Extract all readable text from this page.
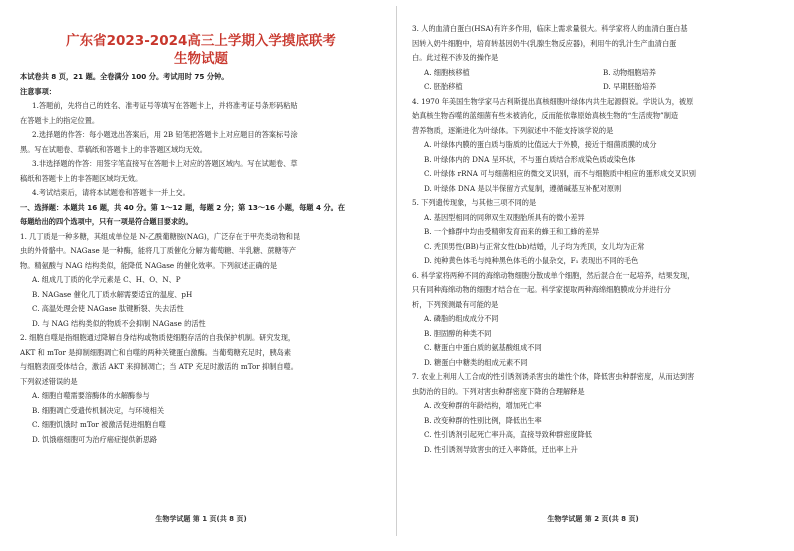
广东省2023-2024高三上学期入学摸底联考
生物试题
本试卷共 8 页，21 题。全卷满分 100 分。考试用时 75 分钟。
注意事项：
1.答题前，先将自己的姓名、准考证号等填写在答题卡上，并将准考证号条形码粘贴
在答题卡上的指定位置。
2.选择题的作答：每小题选出答案后，用 2B 铅笔把答题卡上对应题目的答案标号涂
黑。写在试题卷、草稿纸和答题卡上的非答题区域均无效。
3.非选择题的作答：用签字笔直接写在答题卡上对应的答题区域内。写在试题卷、草
稿纸和答题卡上的非答题区域均无效。
4.考试结束后，请将本试题卷和答题卡一并上交。
一、选择题：本题共 16 题，共 40 分。第 1～12 题，每题 2 分；第 13～16 小题，每题 4 分。在
每题给出的四个选项中，只有一项是符合题目要求的。
1. 几丁质是一种多糖，其组成单位是 N-乙酰葡糖胺(NAG)，广泛存在于甲壳类动物和昆
虫的外骨骼中。NAGase 是一种酶，能将几丁质催化分解为葡萄糖、半乳糖、蔗糖等产
物。精氨酸与 NAG 结构类似，能降低 NAGase 的催化效率。下列叙述正确的是
A. 组成几丁质的化学元素是 C、H、O、N、P
B. NAGase 催化几丁质水解需要适宜的温度、pH
C. 高温处理会使 NAGase 肽键断裂、失去活性
D. 与 NAG 结构类似的物质不会抑制 NAGase 的活性
2. 细胞自噬是指细胞通过降解自身结构或物质使细胞存活的自我保护机制。研究发现，
AKT 和 mTor 是抑制细胞凋亡和自噬的两种关键蛋白激酶。当葡萄糖充足时，胰岛素
与细胞表面受体结合，激活 AKT 来抑制凋亡；当 ATP 充足时激活的 mTor 抑制自噬。
下列叙述错误的是
A. 细胞自噬需要溶酶体的水解酶参与
B. 细胞凋亡受遗传机制决定，与环境相关
C. 细胞饥饿时 mTor 被激活促进细胞自噬
D. 饥饿癌细胞可为治疗癌症提供新思路
生物学试题 第 1 页(共 8 页)
3. 人的血清白蛋白(HSA)有许多作用，临床上需求量很大。科学家将人的血清白蛋白基
因转入奶牛细胞中，培育转基因奶牛(乳腺生物反应器)，利用牛的乳汁生产血清白蛋
白。此过程不涉及的操作是
A. 细胞核移植	B. 动物细胞培养
C. 胚胎移植	D. 早期胚胎培养
4. 1970 年美国生物学家马古利斯提出真核细胞叶绿体内共生起源假说。学说认为，被原
始真核生物吞噬的蓝细菌有些未被消化，反而能依靠原始真核生物的“生活废物”制造
营养物质，逐渐进化为叶绿体。下列叙述中不能支持该学说的是
A. 叶绿体内膜的蛋白质与脂质的比值远大于外膜，接近于细菌质膜的成分
B. 叶绿体内的 DNA 呈环状，不与蛋白质结合形成染色质或染色体
C. 叶绿体 rRNA 可与细菌相应的微交叉识别，而不与细胞质中相应的蛋形成交叉识别
D. 叶绿体 DNA 是以半保留方式复制，遵循碱基互补配对原则
5. 下列遗传现象，与其他三项不同的是
A. 基因型相同的同卵双生双胞胎所具有的微小差异
B. 一个蜂群中均由受精卵发育而来的蜂王和工蜂的差异
C. 秃顶男性(BB)与正常女性(bb)结婚，儿子均为秃顶，女儿均为正常
D. 纯种黄色体毛与纯种黑色体毛的小鼠杂交，F₁ 表现出不同的毛色
6. 科学家将两种不同的海绵动物细胞分散成单个细胞，然后混合在一起培养，结果发现，
只有同种海绵动物的细胞才结合在一起。科学家提取两种海绵细胞膜成分并进行分
析，下列预测最有可能的是
A. 磷脂的组成成分不同
B. 胆固醇的种类不同
C. 糖蛋白中蛋白质的氨基酸组成不同
D. 糖蛋白中糖类的组成元素不同
7. 农业上利用人工合成的性引诱剂诱杀害虫的雄性个体，降低害虫种群密度，从而达到害
虫防治的目的。下列对害虫种群密度下降的合理解释是
A. 改变种群的年龄结构，增加死亡率
B. 改变种群的性别比例，降低出生率
C. 性引诱剂引起死亡率升高，直接导致种群密度降低
D. 性引诱剂导致害虫的迁入率降低，迁出率上升
生物学试题 第 2 页(共 8 页)
